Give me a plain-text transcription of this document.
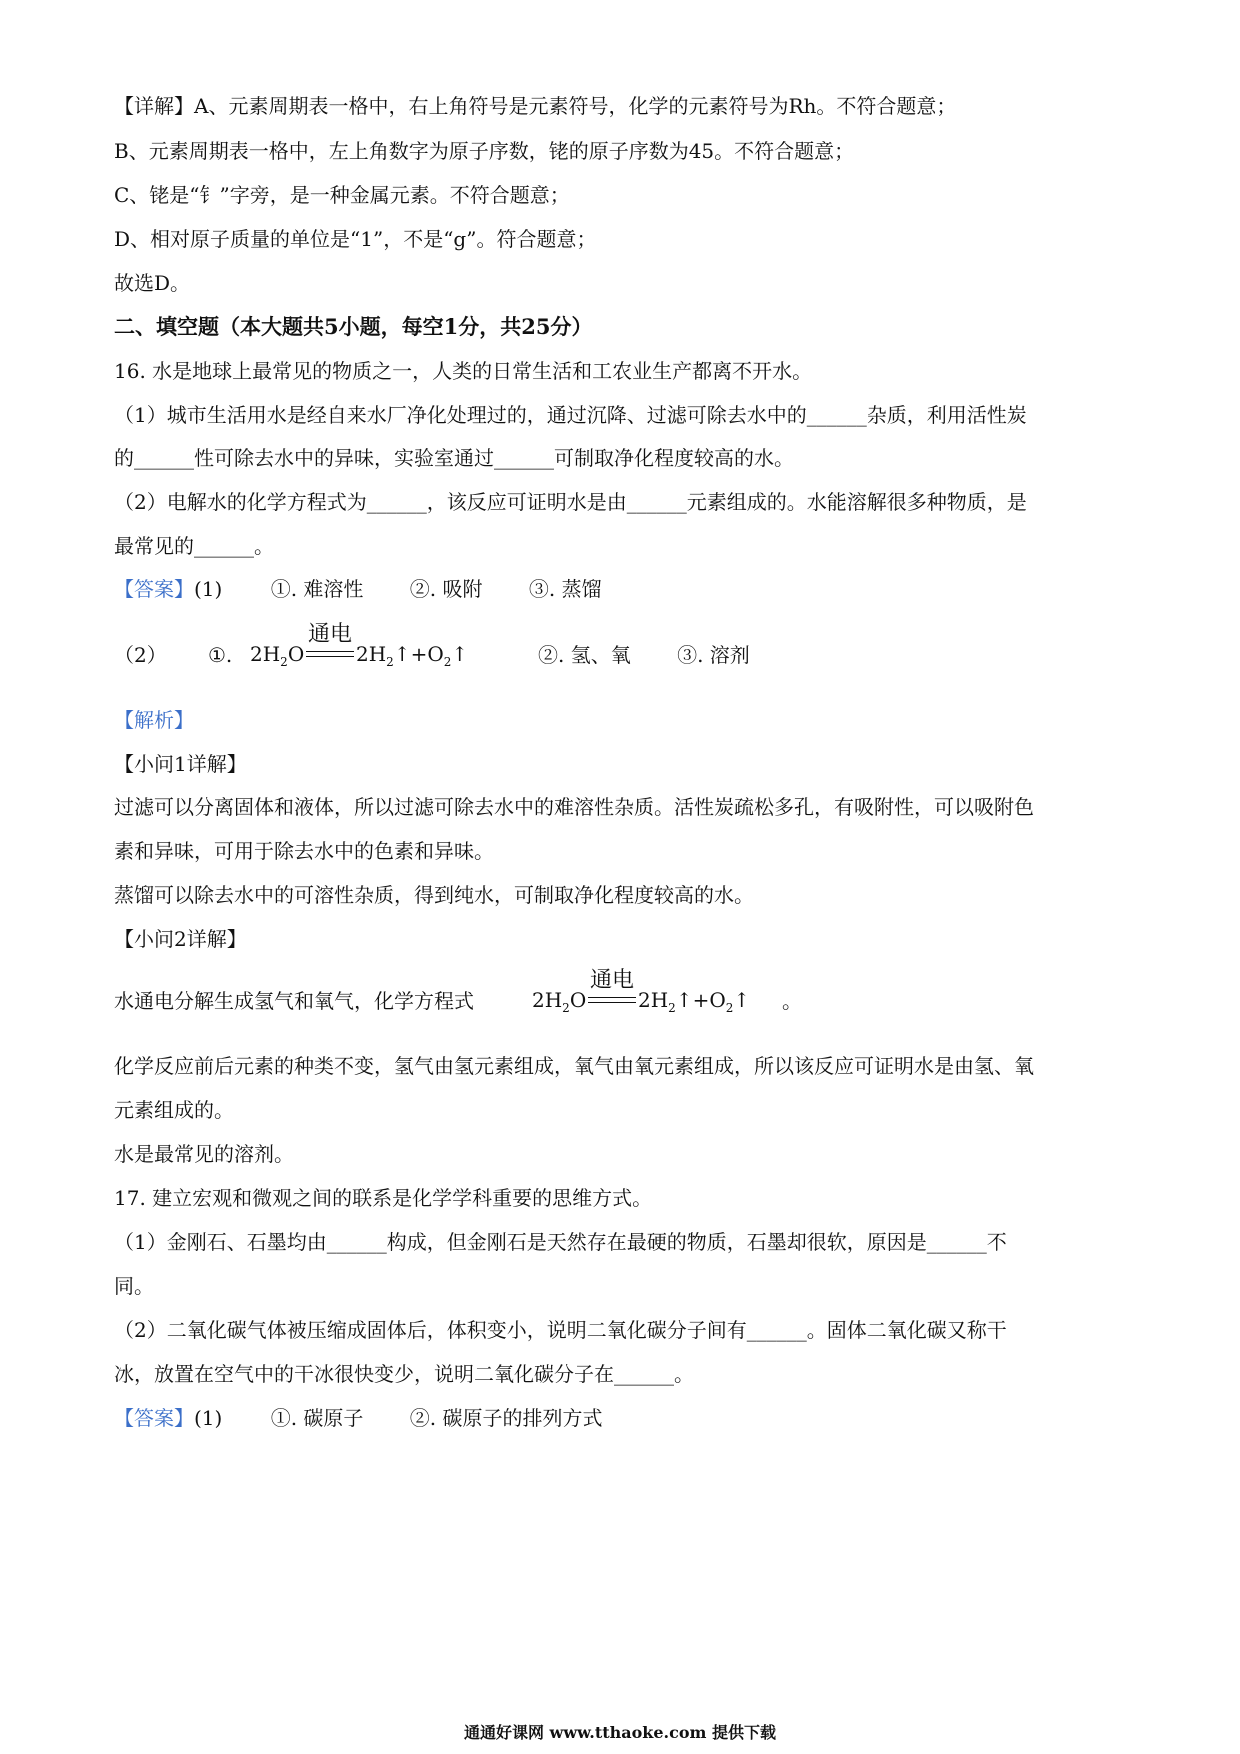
【详解】A、元素周期表一格中，右上角符号是元素符号，化学的元素符号为Rh。不符合题意；
B、元素周期表一格中，左上角数字为原子序数，铑的原子序数为45。不符合题意；
C、铑是“钅”字旁，是一种金属元素。不符合题意；
D、相对原子质量的单位是“1”，不是“g”。符合题意；
故选D。
二、填空题（本大题共5小题，每空1分，共25分）
16. 水是地球上最常见的物质之一，人类的日常生活和工农业生产都离不开水。
（1）城市生活用水是经自来水厂净化处理过的，通过沉降、过滤可除去水中的______杂质，利用活性炭
的______性可除去水中的异味，实验室通过______可制取净化程度较高的水。
（2）电解水的化学方程式为______，该反应可证明水是由______元素组成的。水能溶解很多种物质，是
最常见的______。
【答案】(1) ①. 难溶性 ②. 吸附 ③. 蒸馏
（2） ①. $2H_2O$
通电
$2H_2↑+O_2↑$	②. 氢、氧 ③. 溶剂
【解析】
【小问1详解】
过滤可以分离固体和液体，所以过滤可除去水中的难溶性杂质。活性炭疏松多孔，有吸附性，可以吸附色
素和异味，可用于除去水中的色素和异味。
蒸馏可以除去水中的可溶性杂质，得到纯水，可制取净化程度较高的水。
【小问2详解】
水通电分解生成氢气和氧气，化学方程式	$2H_2O$
通电
$2H_2↑+O_2↑$ 。
化学反应前后元素的种类不变，氢气由氢元素组成，氧气由氧元素组成，所以该反应可证明水是由氢、氧
元素组成的。
水是最常见的溶剂。
17. 建立宏观和微观之间的联系是化学学科重要的思维方式。
（1）金刚石、石墨均由______构成，但金刚石是天然存在最硬的物质，石墨却很软，原因是______不
同。
（2）二氧化碳气体被压缩成固体后，体积变小，说明二氧化碳分子间有______。固体二氧化碳又称干
冰，放置在空气中的干冰很快变少，说明二氧化碳分子在______。
【答案】(1) ①. 碳原子 ②. 碳原子的排列方式
通通好课网 www.tthaoke.com 提供下载
